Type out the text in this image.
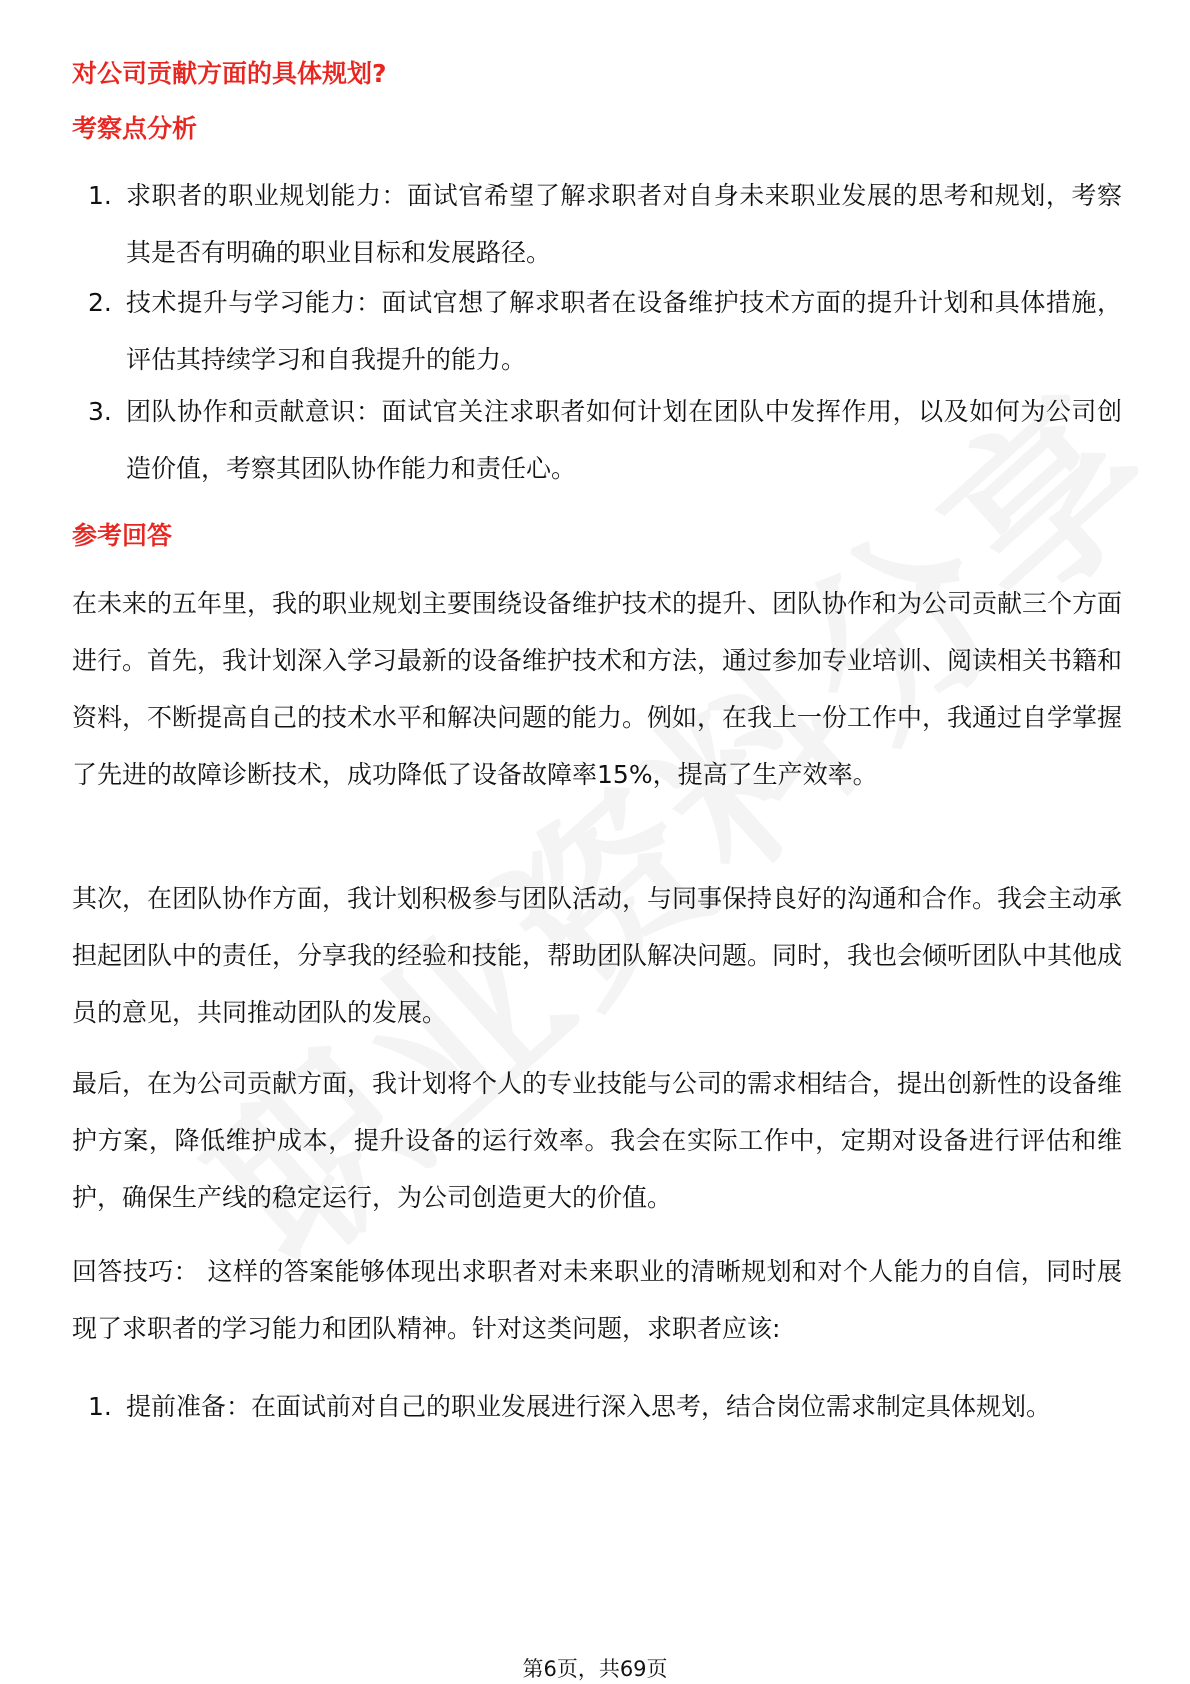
对公司贡献方面的具体规划?
考察点分析
1. 求职者的职业规划能力：面试官希望了解求职者对自身未来职业发展的思考和规划，考察其是否有明确的职业目标和发展路径。
2. 技术提升与学习能力：面试官想了解求职者在设备维护技术方面的提升计划和具体措施，评估其持续学习和自我提升的能力。
3. 团队协作和贡献意识：面试官关注求职者如何计划在团队中发挥作用，以及如何为公司创造价值，考察其团队协作能力和责任心。
参考回答
在未来的五年里，我的职业规划主要围绕设备维护技术的提升、团队协作和为公司贡献三个方面进行。首先，我计划深入学习最新的设备维护技术和方法，通过参加专业培训、阅读相关书籍和资料，不断提高自己的技术水平和解决问题的能力。例如，在我上一份工作中，我通过自学掌握了先进的故障诊断技术，成功降低了设备故障率15%，提高了生产效率。
其次，在团队协作方面，我计划积极参与团队活动，与同事保持良好的沟通和合作。我会主动承担起团队中的责任，分享我的经验和技能，帮助团队解决问题。同时，我也会倾听团队中其他成员的意见，共同推动团队的发展。
最后，在为公司贡献方面，我计划将个人的专业技能与公司的需求相结合，提出创新性的设备维护方案，降低维护成本，提升设备的运行效率。我会在实际工作中，定期对设备进行评估和维护，确保生产线的稳定运行，为公司创造更大的价值。
回答技巧： 这样的答案能够体现出求职者对未来职业的清晰规划和对个人能力的自信，同时展现了求职者的学习能力和团队精神。针对这类问题，求职者应该:
1. 提前准备：在面试前对自己的职业发展进行深入思考，结合岗位需求制定具体规划。
第6页，共69页
